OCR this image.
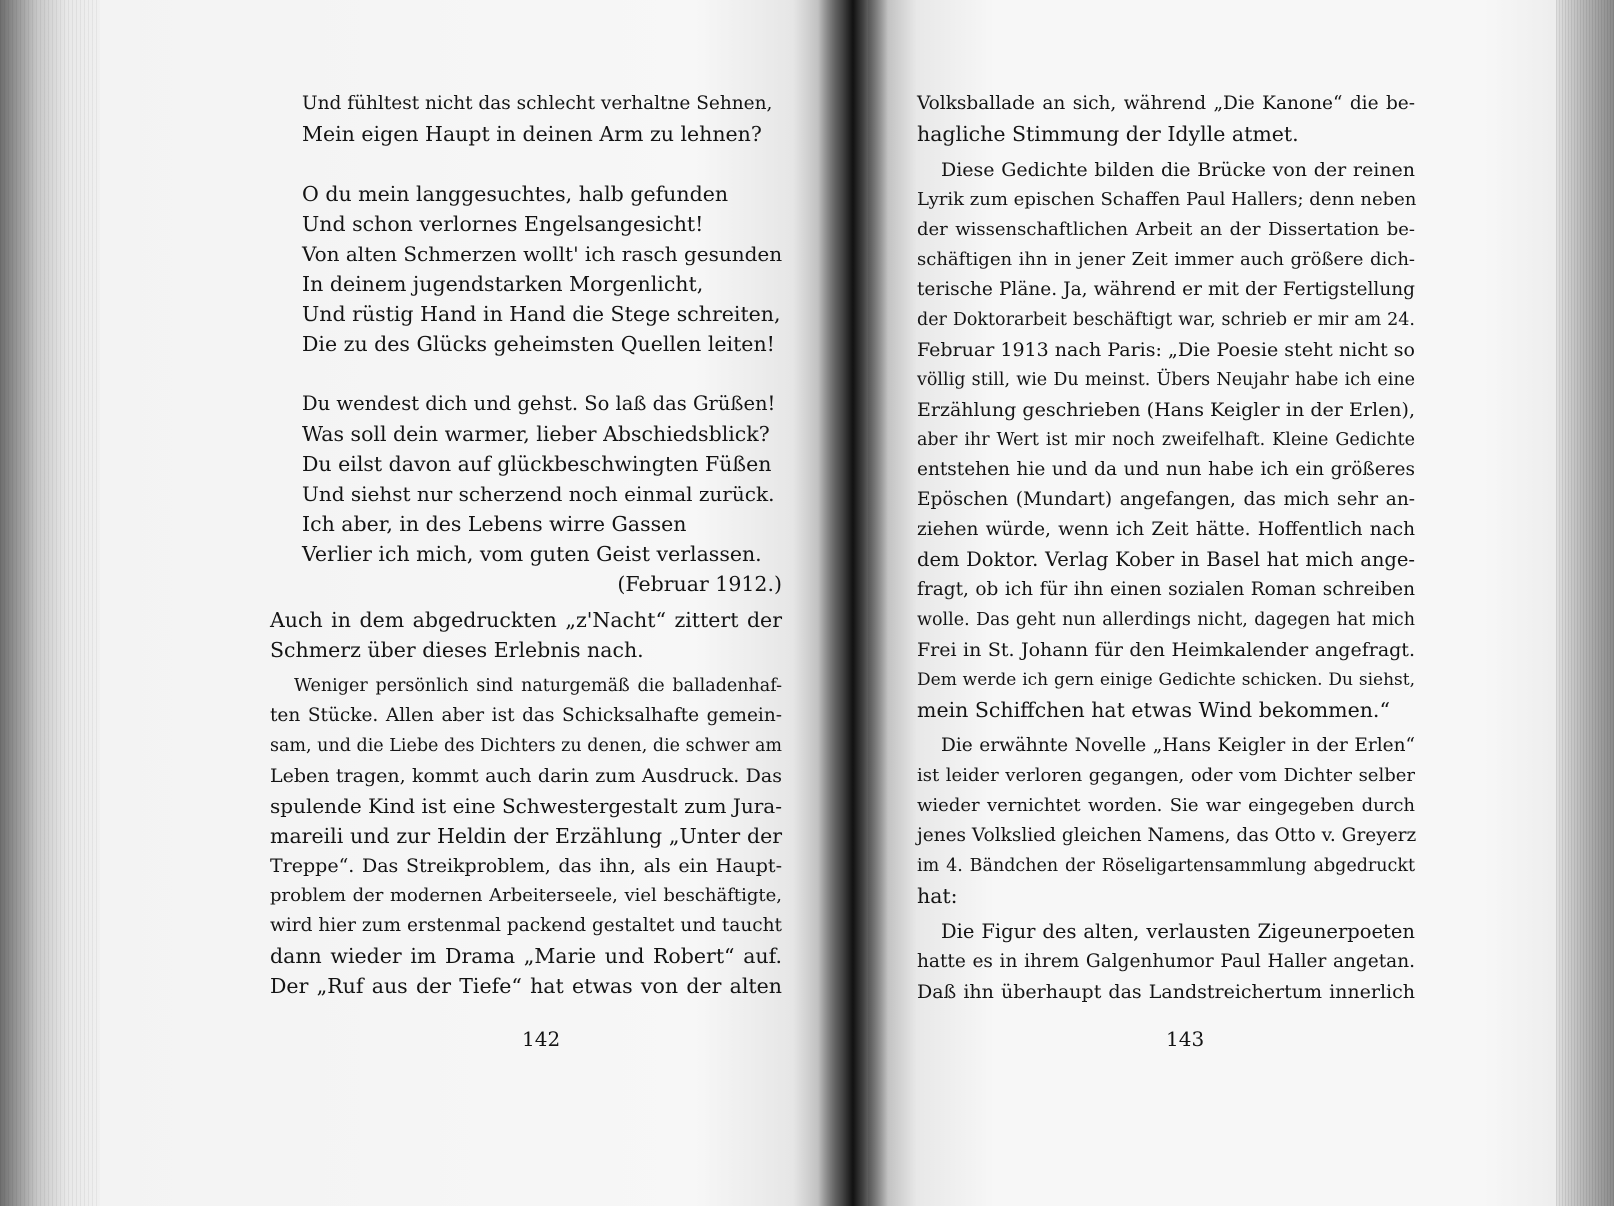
Und fühltest nicht das schlecht verhaltne Sehnen,
Mein eigen Haupt in deinen Arm zu lehnen?
O du mein langgesuchtes, halb gefunden
Und schon verlornes Engelsangesicht!
Von alten Schmerzen wollt' ich rasch gesunden
In deinem jugendstarken Morgenlicht,
Und rüstig Hand in Hand die Stege schreiten,
Die zu des Glücks geheimsten Quellen leiten!
Du wendest dich und gehst. So laß das Grüßen!
Was soll dein warmer, lieber Abschiedsblick?
Du eilst davon auf glückbeschwingten Füßen
Und siehst nur scherzend noch einmal zurück.
Ich aber, in des Lebens wirre Gassen
Verlier ich mich, vom guten Geist verlassen.
(Februar 1912.)
Auch in dem abgedruckten „z'Nacht“ zittert der
Schmerz über dieses Erlebnis nach.
Weniger persönlich sind naturgemäß die balladenhaf-
ten Stücke. Allen aber ist das Schicksalhafte gemein-
sam, und die Liebe des Dichters zu denen, die schwer am
Leben tragen, kommt auch darin zum Ausdruck. Das
spulende Kind ist eine Schwestergestalt zum Jura-
mareili und zur Heldin der Erzählung „Unter der
Treppe“. Das Streikproblem, das ihn, als ein Haupt-
problem der modernen Arbeiterseele, viel beschäftigte,
wird hier zum erstenmal packend gestaltet und taucht
dann wieder im Drama „Marie und Robert“ auf.
Der „Ruf aus der Tiefe“ hat etwas von der alten
142
Volksballade an sich, während „Die Kanone“ die be-
hagliche Stimmung der Idylle atmet.
Diese Gedichte bilden die Brücke von der reinen
Lyrik zum epischen Schaffen Paul Hallers; denn neben
der wissenschaftlichen Arbeit an der Dissertation be-
schäftigen ihn in jener Zeit immer auch größere dich-
terische Pläne. Ja, während er mit der Fertigstellung
der Doktorarbeit beschäftigt war, schrieb er mir am 24.
Februar 1913 nach Paris: „Die Poesie steht nicht so
völlig still, wie Du meinst. Übers Neujahr habe ich eine
Erzählung geschrieben (Hans Keigler in der Erlen),
aber ihr Wert ist mir noch zweifelhaft. Kleine Gedichte
entstehen hie und da und nun habe ich ein größeres
Epöschen (Mundart) angefangen, das mich sehr an-
ziehen würde, wenn ich Zeit hätte. Hoffentlich nach
dem Doktor. Verlag Kober in Basel hat mich ange-
fragt, ob ich für ihn einen sozialen Roman schreiben
wolle. Das geht nun allerdings nicht, dagegen hat mich
Frei in St. Johann für den Heimkalender angefragt.
Dem werde ich gern einige Gedichte schicken. Du siehst,
mein Schiffchen hat etwas Wind bekommen.“
Die erwähnte Novelle „Hans Keigler in der Erlen“
ist leider verloren gegangen, oder vom Dichter selber
wieder vernichtet worden. Sie war eingegeben durch
jenes Volkslied gleichen Namens, das Otto v. Greyerz
im 4. Bändchen der Röseligartensammlung abgedruckt
hat:
Die Figur des alten, verlausten Zigeunerpoeten
hatte es in ihrem Galgenhumor Paul Haller angetan.
Daß ihn überhaupt das Landstreichertum innerlich
143
